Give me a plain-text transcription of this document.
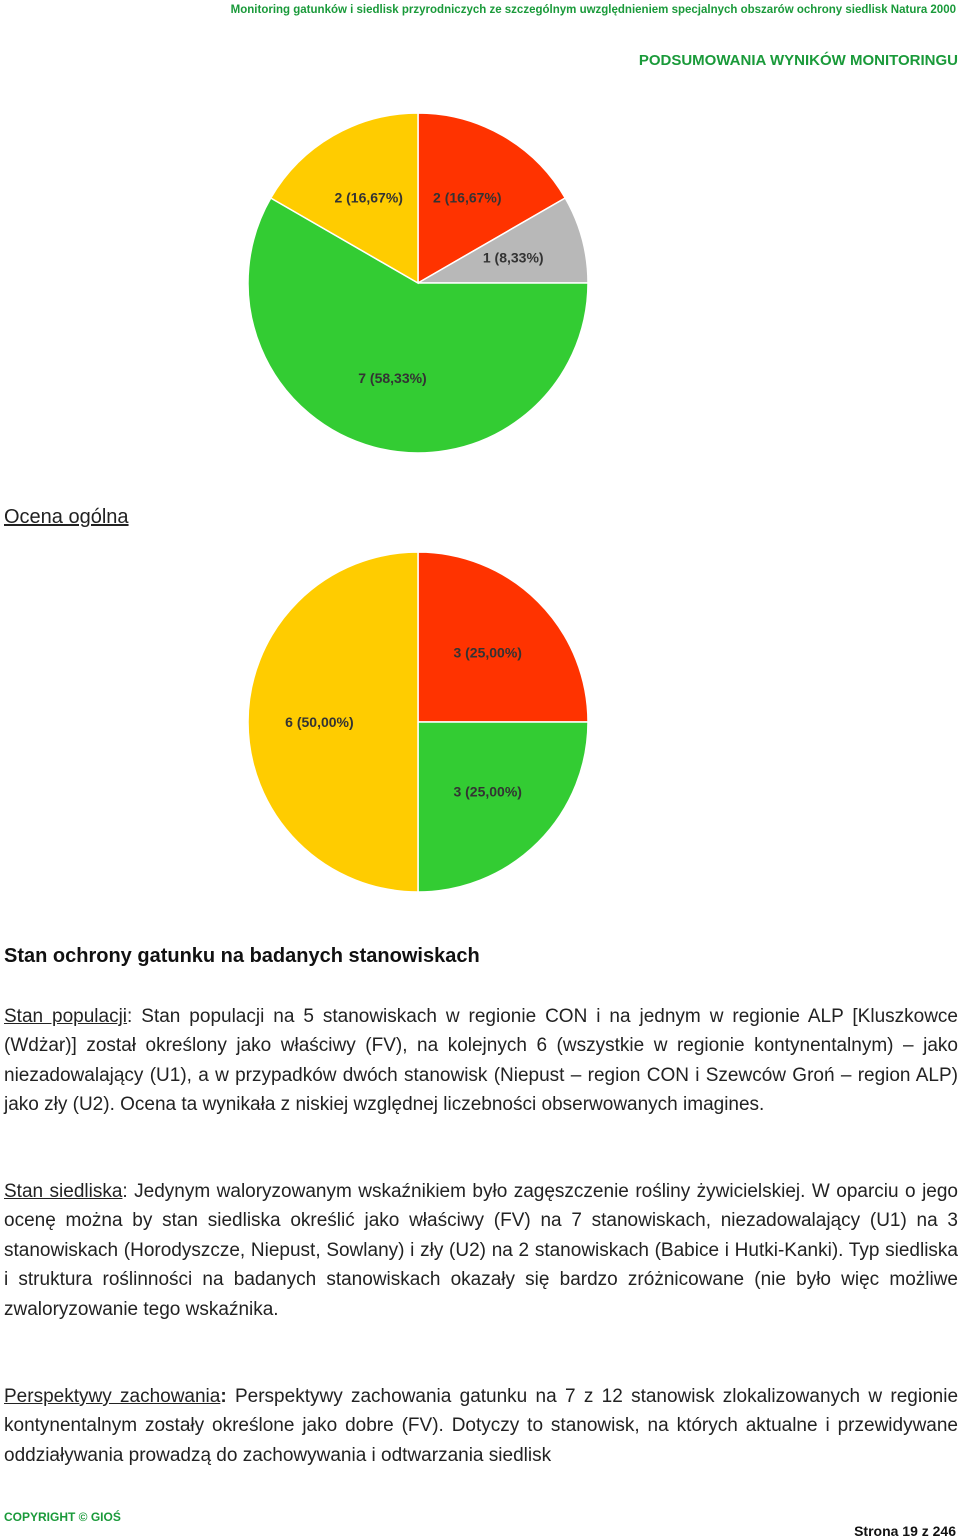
Monitoring gatunków i siedlisk przyrodniczych ze szczególnym uwzględnieniem specjalnych obszarów ochrony siedlisk Natura 2000
PODSUMOWANIA WYNIKÓW MONITORINGU
2 (16,67%)
1 (8,33%)
7 (58,33%)
2 (16,67%)
Ocena ogólna
3 (25,00%)
3 (25,00%)
6 (50,00%)
Stan ochrony gatunku na badanych stanowiskach
Stan populacji: Stan populacji na 5 stanowiskach w regionie CON i na jednym w regionie ALP [Kluszkowce (Wdżar)] został określony jako właściwy (FV), na kolejnych 6 (wszystkie w regionie kontynentalnym) – jako niezadowalający (U1), a w przypadków dwóch stanowisk (Niepust – region CON i Szewców Groń – region ALP) jako zły (U2). Ocena ta wynikała z niskiej względnej liczebności obserwowanych imagines.
Stan siedliska: Jedynym waloryzowanym wskaźnikiem było zagęszczenie rośliny żywicielskiej. W oparciu o jego ocenę można by stan siedliska określić jako właściwy (FV) na 7 stanowiskach, niezadowalający (U1) na 3 stanowiskach (Horodyszcze, Niepust, Sowlany) i zły (U2) na 2 stanowiskach (Babice i Hutki-Kanki). Typ siedliska i struktura roślinności na badanych stanowiskach okazały się bardzo zróżnicowane (nie było więc możliwe zwaloryzowanie tego wskaźnika.
Perspektywy zachowania: Perspektywy zachowania gatunku na 7 z 12 stanowisk zlokalizowanych w regionie kontynentalnym zostały określone jako dobre (FV). Dotyczy to stanowisk, na których aktualne i przewidywane oddziaływania prowadzą do zachowywania i odtwarzania siedlisk
COPYRIGHT © GIOŚ
Strona 19 z 246
